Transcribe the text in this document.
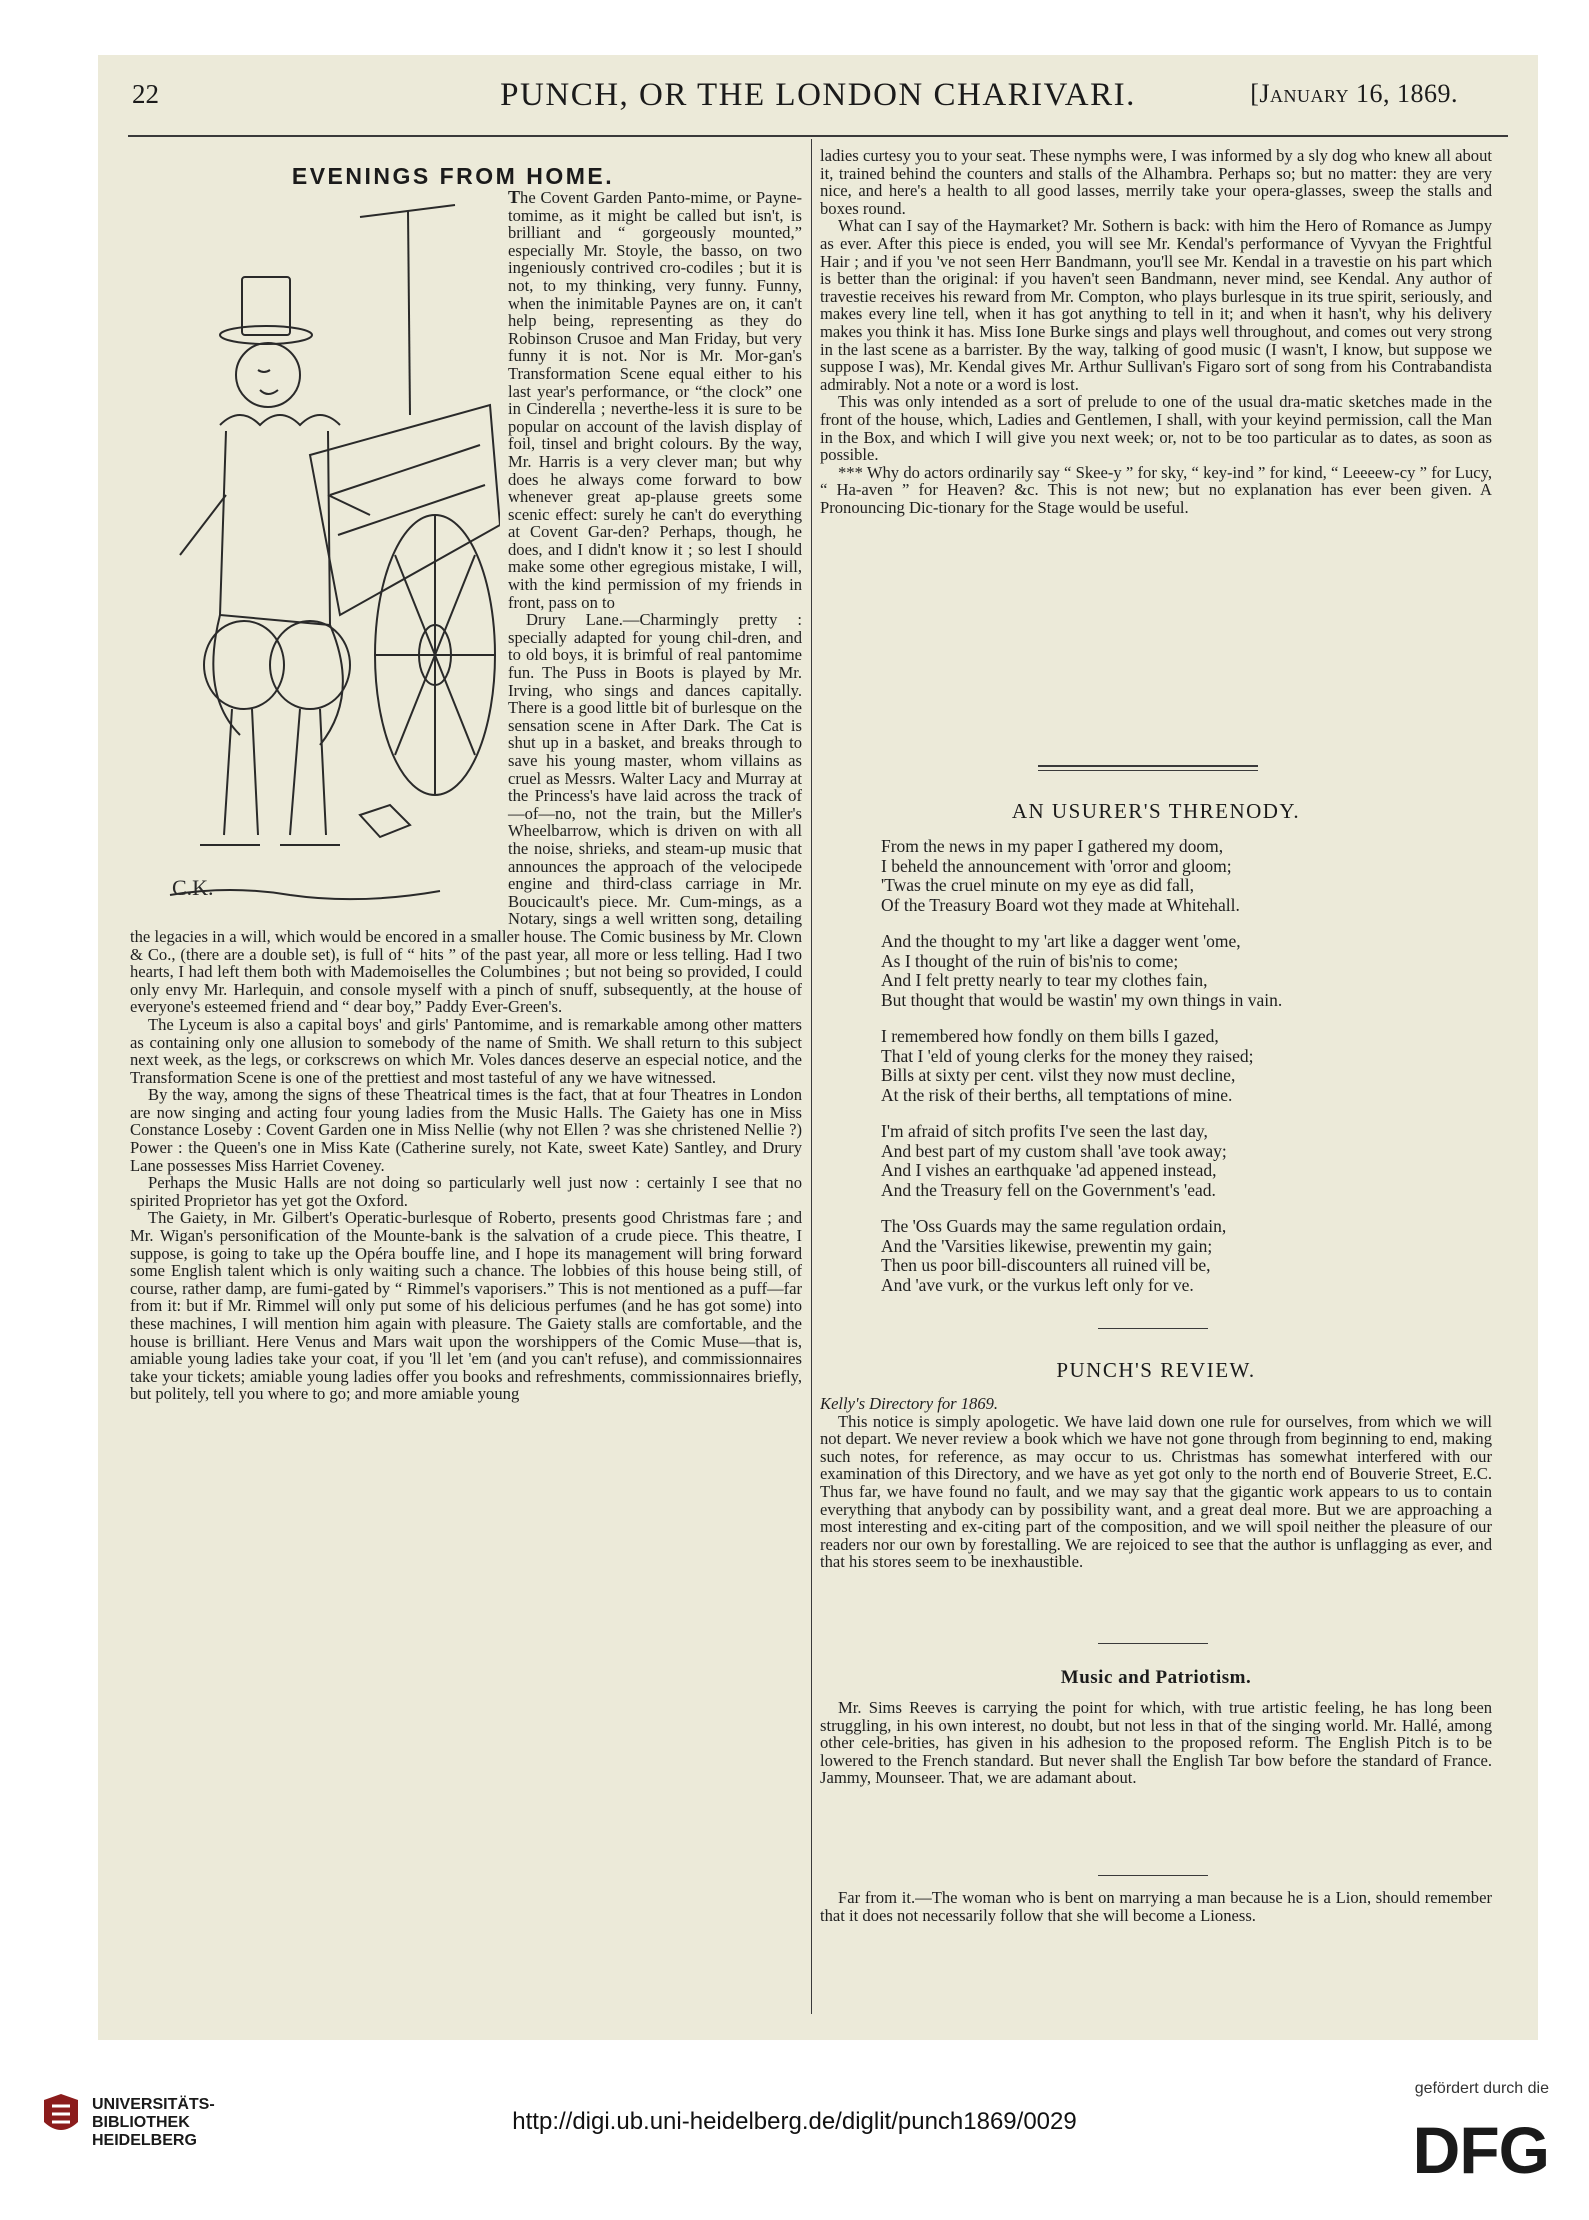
22	PUNCH, OR THE LONDON CHARIVARI.	[January 16, 1869.
EVENINGS FROM HOME.
C.K.

The Covent Garden Panto-mime, or Payne-tomime, as it might be called but isn't, is brilliant and “ gorgeously mounted,” especially Mr. Stoyle, the basso, on two ingeniously contrived cro-codiles ; but it is not, to my thinking, very funny. Funny, when the inimitable Paynes are on, it can't help being, representing as they do Robinson Crusoe and Man Friday, but very funny it is not. Nor is Mr. Mor-gan's Transformation Scene equal either to his last year's performance, or “the clock” one in Cinderella ; neverthe-less it is sure to be popular on account of the lavish display of foil, tinsel and bright colours. By the way, Mr. Harris is a very clever man; but why does he always come forward to bow whenever great ap-plause greets some scenic effect: surely he can't do everything at Covent Gar-den? Perhaps, though, he does, and I didn't know it ; so lest I should make some other egregious mistake, I will, with the kind permission of my friends in front, pass on to

Drury Lane.—Charmingly pretty : specially adapted for young chil-dren, and to old boys, it is brimful of real pantomime fun. The Puss in Boots is played by Mr. Irving, who sings and dances capitally. There is a good little bit of burlesque on the sensation scene in After Dark. The Cat is shut up in a basket, and breaks through to save his young master, whom villains as cruel as Messrs. Walter Lacy and Murray at the Princess's have laid across the track of—of—no, not the train, but the Miller's Wheelbarrow, which is driven on with all the noise, shrieks, and steam-up music that announces the approach of the velocipede engine and third-class carriage in Mr. Boucicault's piece. Mr. Cum-mings, as a Notary, sings a well written song, detailing the legacies in a will, which would be encored in a smaller house. The Comic business by Mr. Clown & Co., (there are a double set), is full of “ hits ” of the past year, all more or less telling. Had I two hearts, I had left them both with Mademoiselles the Columbines ; but not being so provided, I could only envy Mr. Harlequin, and console myself with a pinch of snuff, subsequently, at the house of everyone's esteemed friend and “ dear boy,” Paddy Ever-Green's.

The Lyceum is also a capital boys' and girls' Pantomime, and is remarkable among other matters as containing only one allusion to somebody of the name of Smith. We shall return to this subject next week, as the legs, or corkscrews on which Mr. Voles dances deserve an especial notice, and the Transformation Scene is one of the prettiest and most tasteful of any we have witnessed.

By the way, among the signs of these Theatrical times is the fact, that at four Theatres in London are now singing and acting four young ladies from the Music Halls. The Gaiety has one in Miss Constance Loseby : Covent Garden one in Miss Nellie (why not Ellen ? was she christened Nellie ?) Power : the Queen's one in Miss Kate (Catherine surely, not Kate, sweet Kate) Santley, and Drury Lane possesses Miss Harriet Coveney.

Perhaps the Music Halls are not doing so particularly well just now : certainly I see that no spirited Proprietor has yet got the Oxford.

The Gaiety, in Mr. Gilbert's Operatic-burlesque of Roberto, presents good Christmas fare ; and Mr. Wigan's personification of the Mounte-bank is the salvation of a crude piece. This theatre, I suppose, is going to take up the Opéra bouffe line, and I hope its management will bring forward some English talent which is only waiting such a chance. The lobbies of this house being still, of course, rather damp, are fumi-gated by “ Rimmel's vaporisers.” This is not mentioned as a puff—far from it: but if Mr. Rimmel will only put some of his delicious perfumes (and he has got some) into these machines, I will mention him again with pleasure. The Gaiety stalls are comfortable, and the house is brilliant. Here Venus and Mars wait upon the worshippers of the Comic Muse—that is, amiable young ladies take your coat, if you 'll let 'em (and you can't refuse), and commissionnaires take your tickets; amiable young ladies offer you books and refreshments, commissionnaires briefly, but politely, tell you where to go; and more amiable young

ladies curtesy you to your seat. These nymphs were, I was informed by a sly dog who knew all about it, trained behind the counters and stalls of the Alhambra. Perhaps so; but no matter: they are very nice, and here's a health to all good lasses, merrily take your opera-glasses, sweep the stalls and boxes round.

What can I say of the Haymarket? Mr. Sothern is back: with him the Hero of Romance as Jumpy as ever. After this piece is ended, you will see Mr. Kendal's performance of Vyvyan the Frightful Hair ; and if you 've not seen Herr Bandmann, you'll see Mr. Kendal in a travestie on his part which is better than the original: if you haven't seen Bandmann, never mind, see Kendal. Any author of travestie receives his reward from Mr. Compton, who plays burlesque in its true spirit, seriously, and makes every line tell, when it has got anything to tell in it; and when it hasn't, why his delivery makes you think it has. Miss Ione Burke sings and plays well throughout, and comes out very strong in the last scene as a barrister. By the way, talking of good music (I wasn't, I know, but suppose we suppose I was), Mr. Kendal gives Mr. Arthur Sullivan's Figaro sort of song from his Contrabandista admirably. Not a note or a word is lost.

This was only intended as a sort of prelude to one of the usual dra-matic sketches made in the front of the house, which, Ladies and Gentlemen, I shall, with your keyind permission, call the Man in the Box, and which I will give you next week; or, not to be too particular as to dates, as soon as possible.

*** Why do actors ordinarily say “ Skee-y ” for sky, “ key-ind ” for kind, “ Leeeew-cy ” for Lucy, “ Ha-aven ” for Heaven? &c. This is not new; but no explanation has ever been given. A Pronouncing Dic-tionary for the Stage would be useful.

AN USURER'S THRENODY.
From the news in my paper I gathered my doom,
I beheld the announcement with 'orror and gloom;
'Twas the cruel minute on my eye as did fall,
Of the Treasury Board wot they made at Whitehall.
And the thought to my 'art like a dagger went 'ome,
As I thought of the ruin of bis'nis to come;
And I felt pretty nearly to tear my clothes fain,
But thought that would be wastin' my own things in vain.
I remembered how fondly on them bills I gazed,
That I 'eld of young clerks for the money they raised;
Bills at sixty per cent. vilst they now must decline,
At the risk of their berths, all temptations of mine.
I'm afraid of sitch profits I've seen the last day,
And best part of my custom shall 'ave took away;
And I vishes an earthquake 'ad appened instead,
And the Treasury fell on the Government's 'ead.
The 'Oss Guards may the same regulation ordain,
And the 'Varsities likewise, prewentin my gain;
Then us poor bill-discounters all ruined vill be,
And 'ave vurk, or the vurkus left only for ve.
PUNCH'S REVIEW.

Kelly's Directory for 1869.

This notice is simply apologetic. We have laid down one rule for ourselves, from which we will not depart. We never review a book which we have not gone through from beginning to end, making such notes, for reference, as may occur to us. Christmas has somewhat interfered with our examination of this Directory, and we have as yet got only to the north end of Bouverie Street, E.C. Thus far, we have found no fault, and we may say that the gigantic work appears to us to contain everything that anybody can by possibility want, and a great deal more. But we are approaching a most interesting and ex-citing part of the composition, and we will spoil neither the pleasure of our readers nor our own by forestalling. We are rejoiced to see that the author is unflagging as ever, and that his stores seem to be inexhaustible.

Music and Patriotism.

Mr. Sims Reeves is carrying the point for which, with true artistic feeling, he has long been struggling, in his own interest, no doubt, but not less in that of the singing world. Mr. Hallé, among other cele-brities, has given in his adhesion to the proposed reform. The English Pitch is to be lowered to the French standard. But never shall the English Tar bow before the standard of France. Jammy, Mounseer. That, we are adamant about.

Far from it.—The woman who is bent on marrying a man because he is a Lion, should remember that it does not necessarily follow that she will become a Lioness.

UNIVERSITÄTS-
BIBLIOTHEK
HEIDELBERG
http://digi.ub.uni-heidelberg.de/diglit/punch1869/0029
gefördert durch die
DFG
